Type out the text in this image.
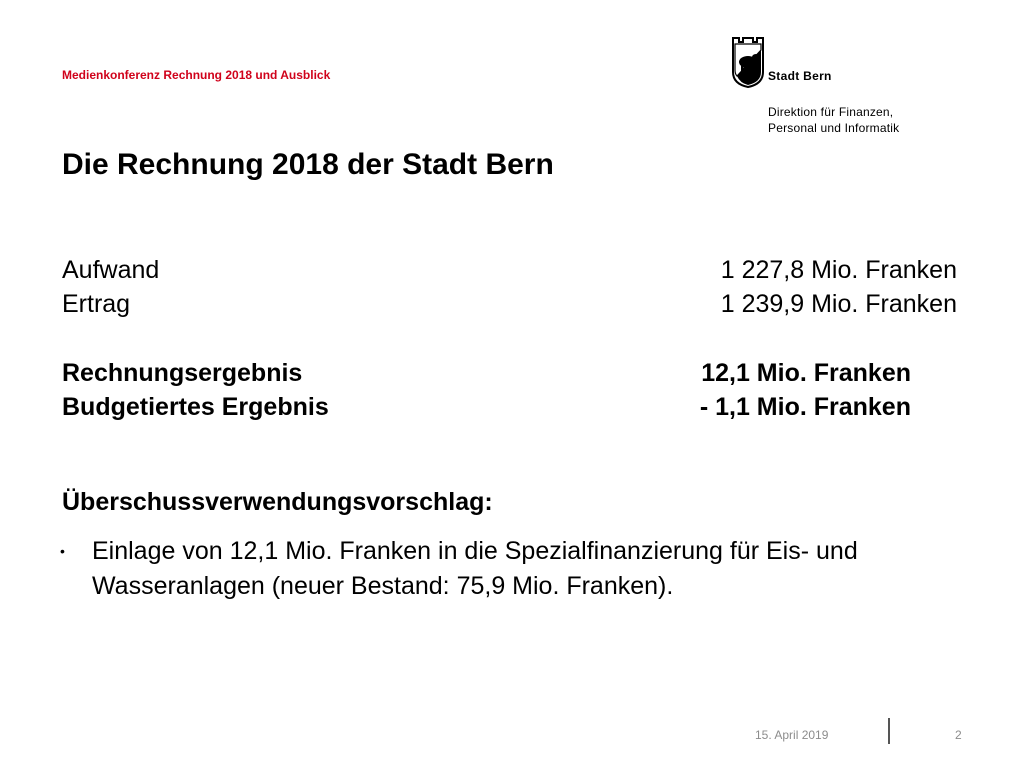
Medienkonferenz Rechnung 2018 und Ausblick	Stadt Bern
Direktion für Finanzen,
Personal und Informatik
Die Rechnung 2018 der Stadt Bern
Aufwand	1 227,8 Mio. Franken
Ertrag	1 239,9 Mio. Franken
Rechnungsergebnis	12,1 Mio. Franken
Budgetiertes Ergebnis	- 1,1 Mio. Franken
Überschussverwendungsvorschlag:
• Einlage von 12,1 Mio. Franken in die Spezialfinanzierung für Eis- und Wasseranlagen (neuer Bestand: 75,9 Mio. Franken).
15. April 2019	2
